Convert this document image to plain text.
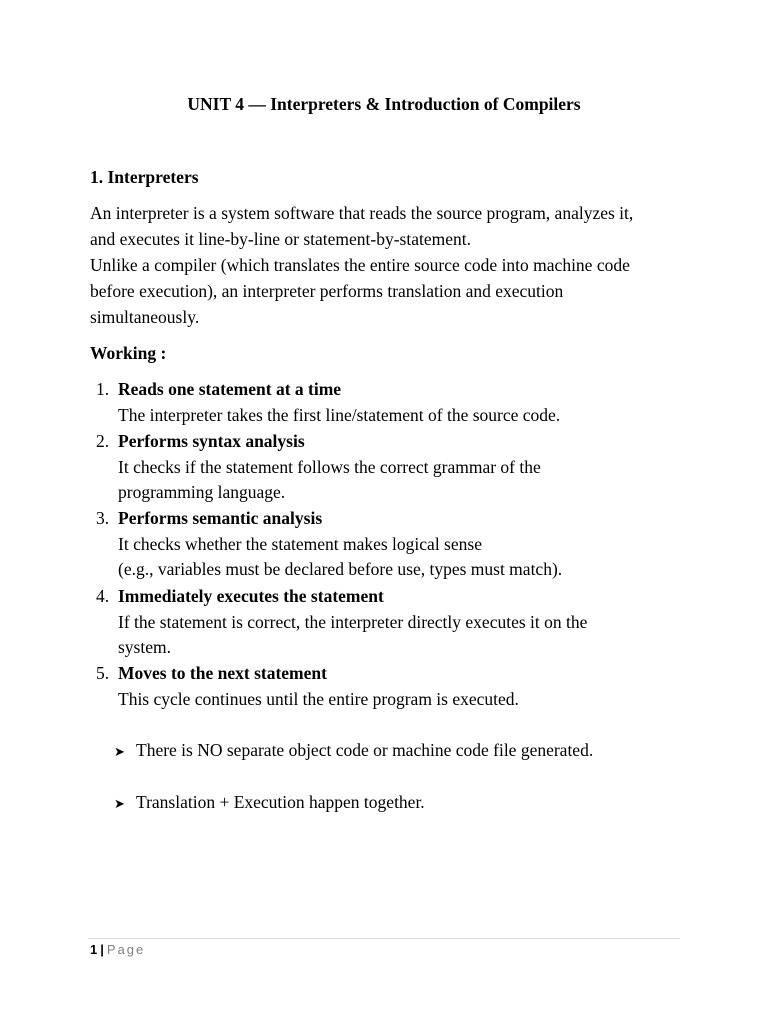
UNIT 4 — Interpreters & Introduction of Compilers
1. Interpreters
An interpreter is a system software that reads the source program, analyzes it,
and executes it line-by-line or statement-by-statement.
Unlike a compiler (which translates the entire source code into machine code
before execution), an interpreter performs translation and execution
simultaneously.
Working :
1. Reads one statement at a time
The interpreter takes the first line/statement of the source code.
2. Performs syntax analysis
It checks if the statement follows the correct grammar of the
programming language.
3. Performs semantic analysis
It checks whether the statement makes logical sense
(e.g., variables must be declared before use, types must match).
4. Immediately executes the statement
If the statement is correct, the interpreter directly executes it on the
system.
5. Moves to the next statement
This cycle continues until the entire program is executed.
➤ There is NO separate object code or machine code file generated.
➤ Translation + Execution happen together.
1 | Page
